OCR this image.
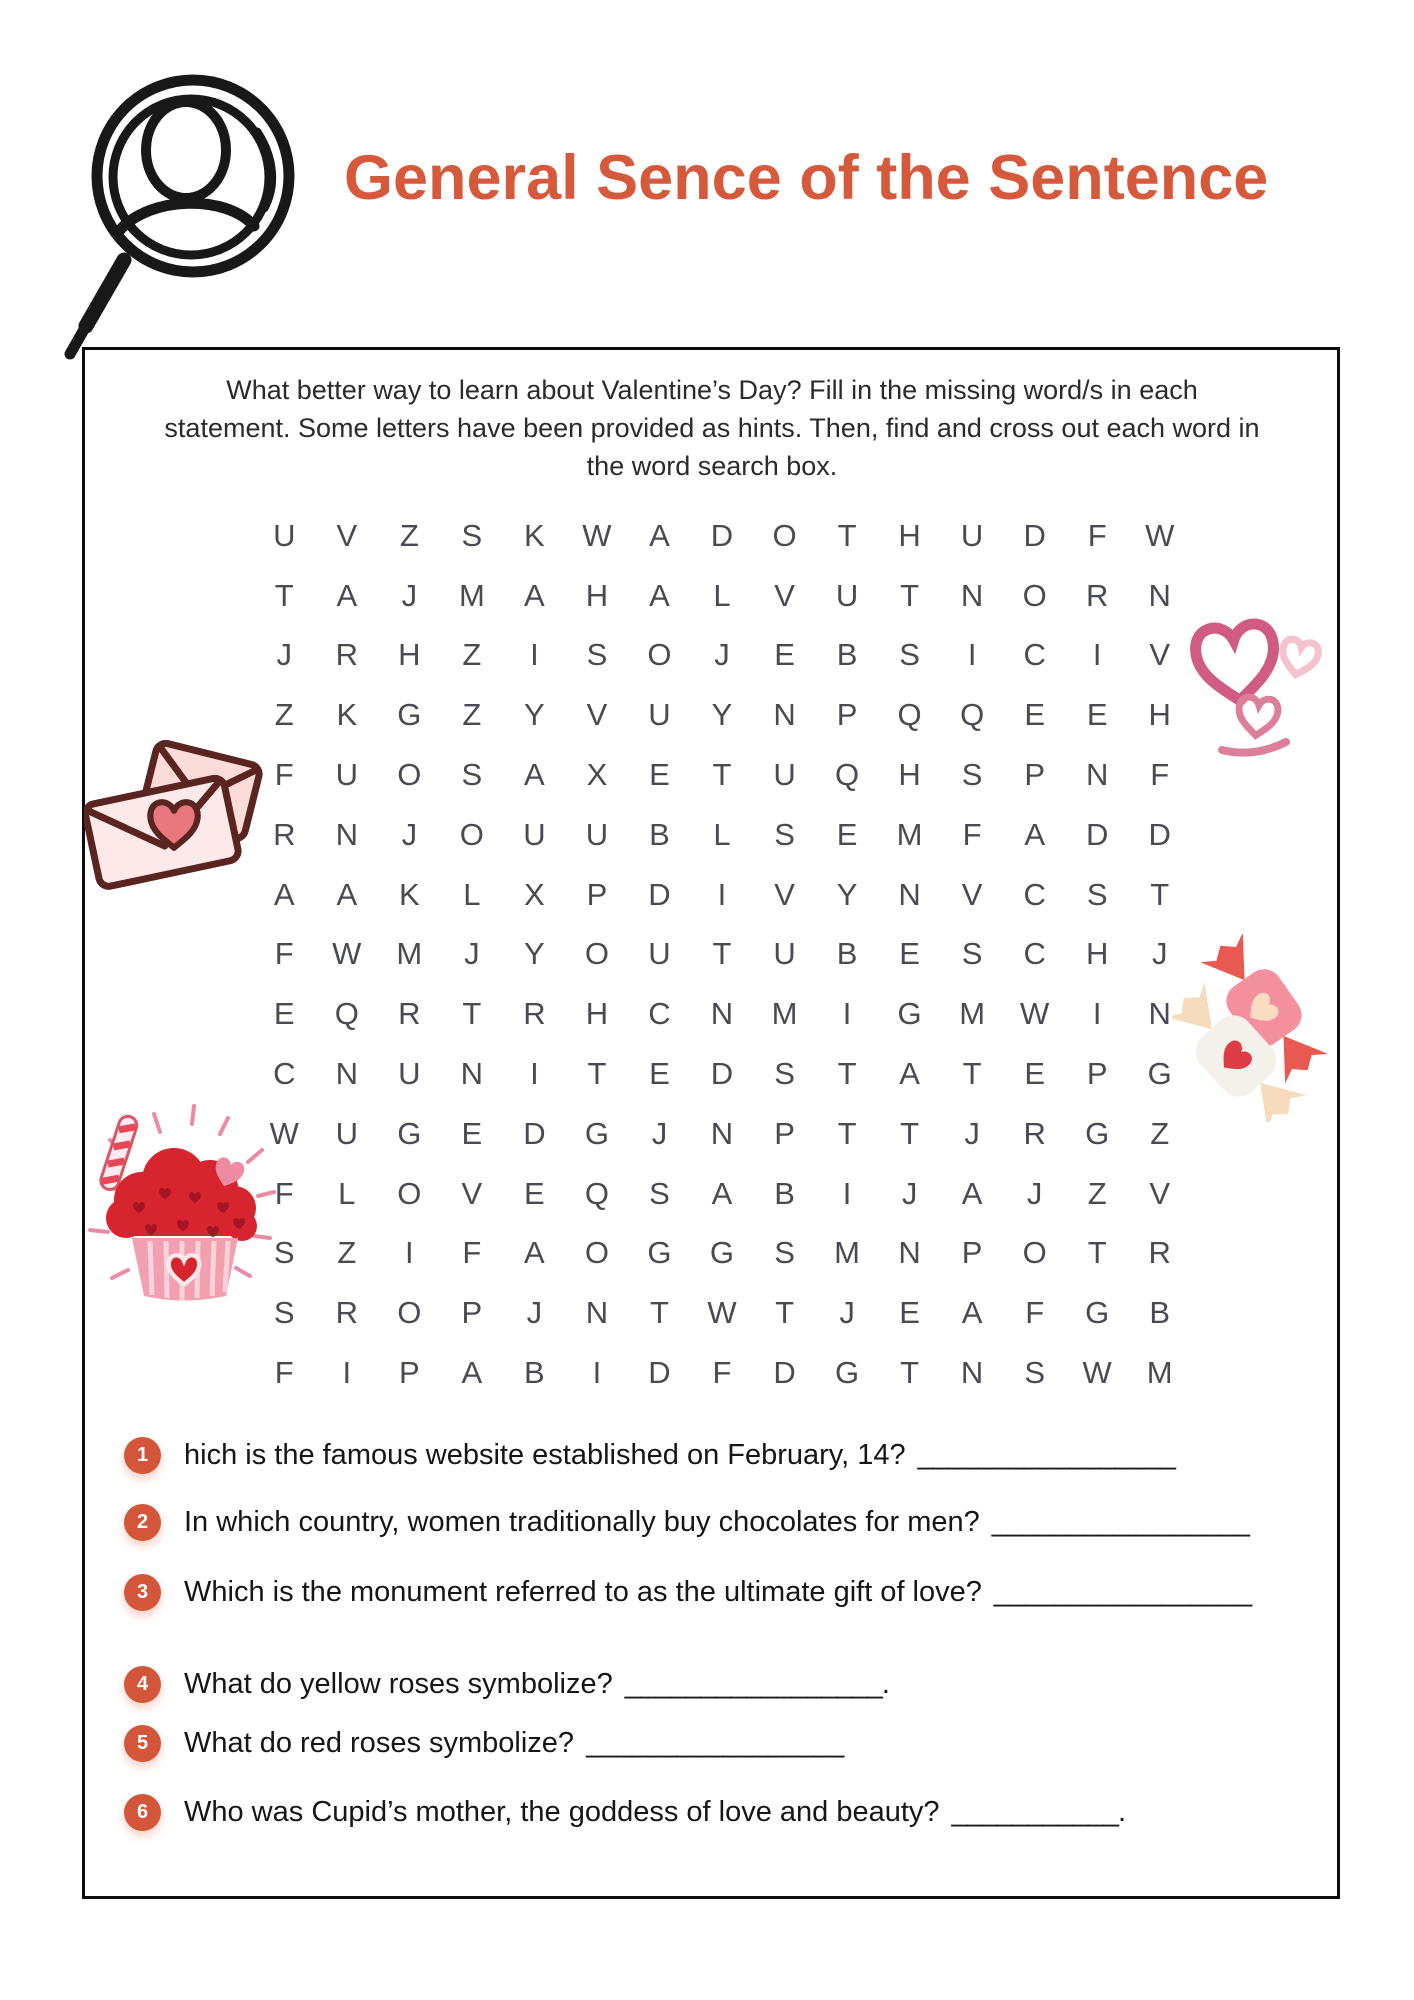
General Sence of the Sentence

What better way to learn about Valentine’s Day? Fill in the missing word/s in each statement. Some letters have been provided as hints. Then, find and cross out each word in the word search box.

U	V	Z	S	K	W	A	D	O	T	H	U	D	F	W
T	A	J	M	A	H	A	L	V	U	T	N	O	R	N
J	R	H	Z	I	S	O	J	E	B	S	I	C	I	V
Z	K	G	Z	Y	V	U	Y	N	P	Q	Q	E	E	H
F	U	O	S	A	X	E	T	U	Q	H	S	P	N	F
R	N	J	O	U	U	B	L	S	E	M	F	A	D	D
A	A	K	L	X	P	D	I	V	Y	N	V	C	S	T
F	W	M	J	Y	O	U	T	U	B	E	S	C	H	J
E	Q	R	T	R	H	C	N	M	I	G	M	W	I	N
C	N	U	N	I	T	E	D	S	T	A	T	E	P	G
W	U	G	E	D	G	J	N	P	T	T	J	R	G	Z
F	L	O	V	E	Q	S	A	B	I	J	A	J	Z	V
S	Z	I	F	A	O	G	G	S	M	N	P	O	T	R
S	R	O	P	J	N	T	W	T	J	E	A	F	G	B
F	I	P	A	B	I	D	F	D	G	T	N	S	W	M
1	hich is the famous website established on February, 14? _________________
2	In which country, women traditionally buy chocolates for men? _________________
3	Which is the monument referred to as the ultimate gift of love? _________________
4	What do yellow roses symbolize? _________________ .
5	What do red roses symbolize? _________________
6	Who was Cupid’s mother, the goddess of love and beauty? ___________ .
